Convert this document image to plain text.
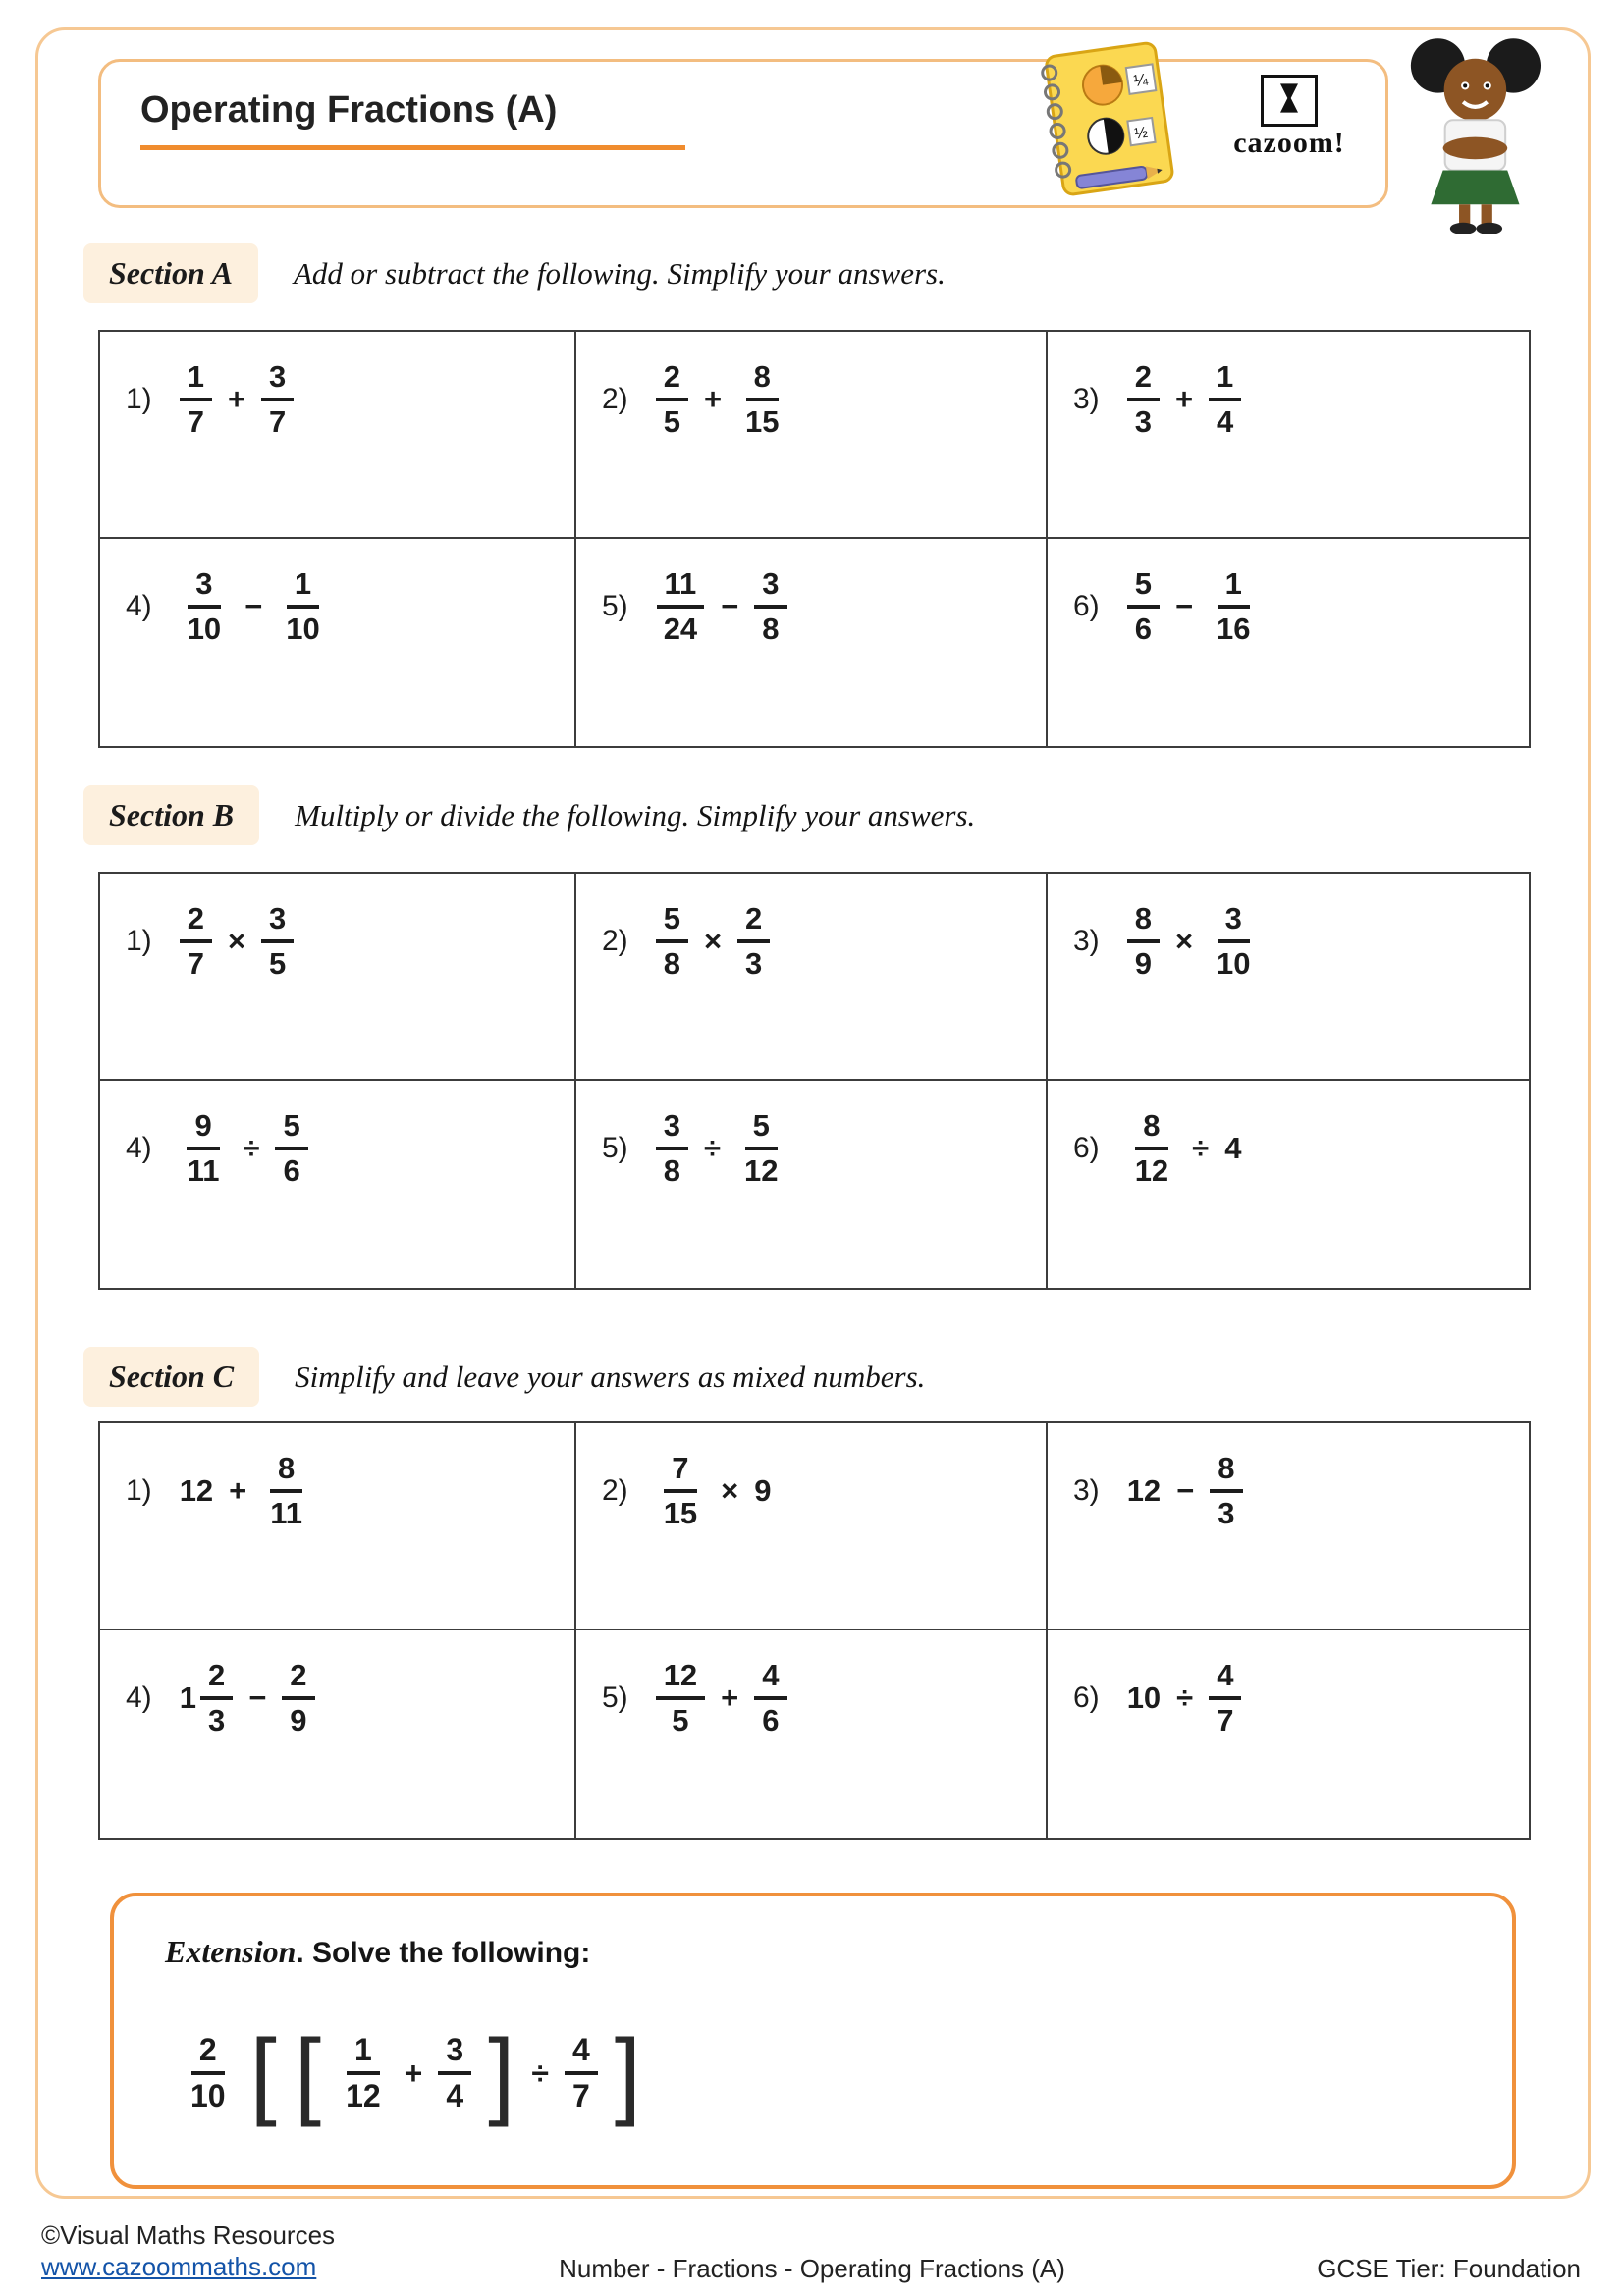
Operating Fractions (A)
¼
½	cazoom!
Section A	Add or subtract the following. Simplify your answers.
$1) \frac{1}{7} + \frac{3}{7}$	$2) \frac{2}{5} + \frac{8}{15}$	$3) \frac{2}{3} + \frac{1}{4}$
$4) \frac{3}{10} - \frac{1}{10}$	$5) \frac{11}{24} - \frac{3}{8}$	$6) \frac{5}{6} - \frac{1}{16}$
Section B	Multiply or divide the following. Simplify your answers.
$1) \frac{2}{7} \times \frac{3}{5}$	$2) \frac{5}{8} \times \frac{2}{3}$	$3) \frac{8}{9} \times \frac{3}{10}$
$4) \frac{9}{11} \div \frac{5}{6}$	$5) \frac{3}{8} \div \frac{5}{12}$	$6) \frac{8}{12} \div 4$
Section C	Simplify and leave your answers as mixed numbers.
1) $12 + \frac{8}{11}$	$2) \frac{7}{15} \times 9$	3) $12 - \frac{8}{3}$
4) $1 \frac{2}{3} - \frac{2}{9}$	$5) \frac{12}{5} + \frac{4}{6}$	6) $10 \div \frac{4}{7}$
Extension. Solve the following:
$\frac{2}{10}$ [ [ $\frac{1}{12} + \frac{3}{4}$ ] ÷ $\frac{4}{7}$ ]
©Visual Maths Resources
www.cazoommaths.com	Number - Fractions - Operating Fractions (A)	GCSE Tier: Foundation
